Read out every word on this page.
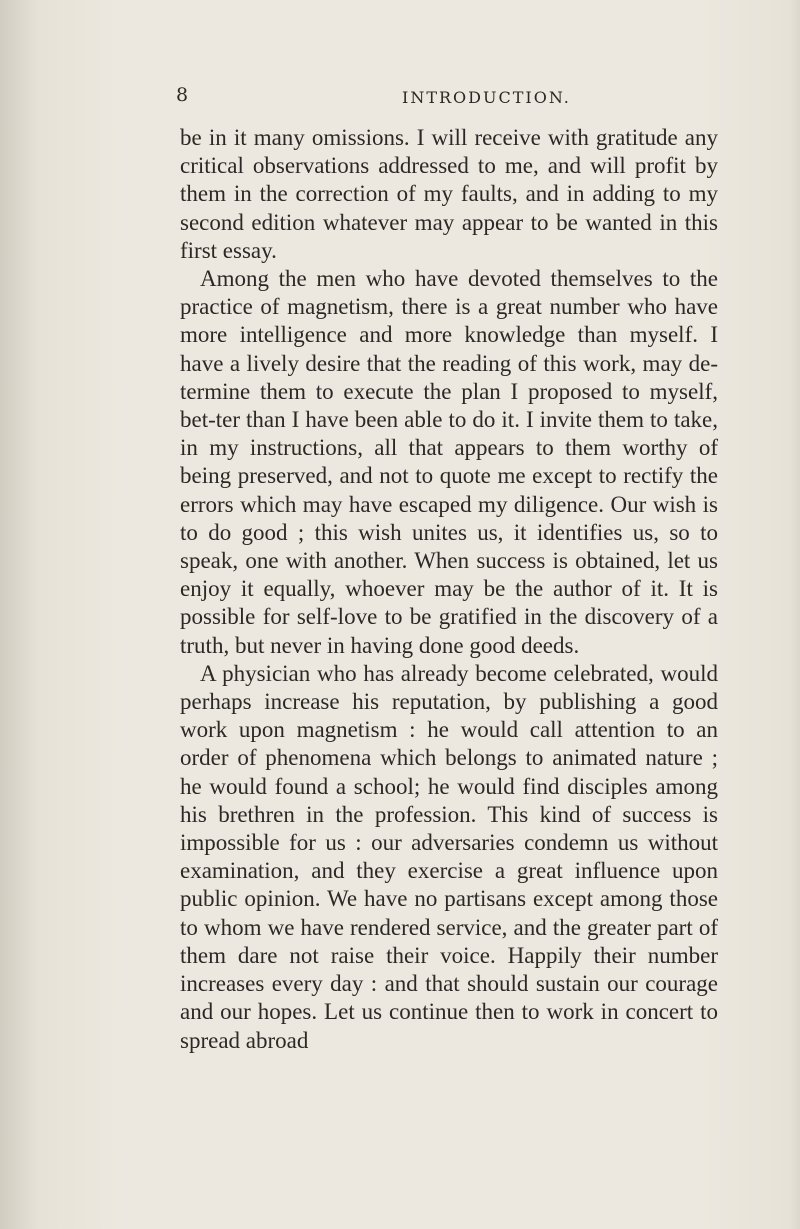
8	INTRODUCTION.

be in it many omissions. I will receive with gratitude any critical observations addressed to me, and will profit by them in the correction of my faults, and in adding to my second edition whatever may appear to be wanted in this first essay.

Among the men who have devoted themselves to the practice of magnetism, there is a great number who have more intelligence and more knowledge than myself. I have a lively desire that the reading of this work, may de-termine them to execute the plan I proposed to myself, bet-ter than I have been able to do it. I invite them to take, in my instructions, all that appears to them worthy of being preserved, and not to quote me except to rectify the errors which may have escaped my diligence. Our wish is to do good ; this wish unites us, it identifies us, so to speak, one with another. When success is obtained, let us enjoy it equally, whoever may be the author of it. It is possible for self-love to be gratified in the discovery of a truth, but never in having done good deeds.

A physician who has already become celebrated, would perhaps increase his reputation, by publishing a good work upon magnetism : he would call attention to an order of phenomena which belongs to animated nature ; he would found a school; he would find disciples among his brethren in the profession. This kind of success is impossible for us : our adversaries condemn us without examination, and they exercise a great influence upon public opinion. We have no partisans except among those to whom we have rendered service, and the greater part of them dare not raise their voice. Happily their number increases every day : and that should sustain our courage and our hopes. Let us continue then to work in concert to spread abroad
